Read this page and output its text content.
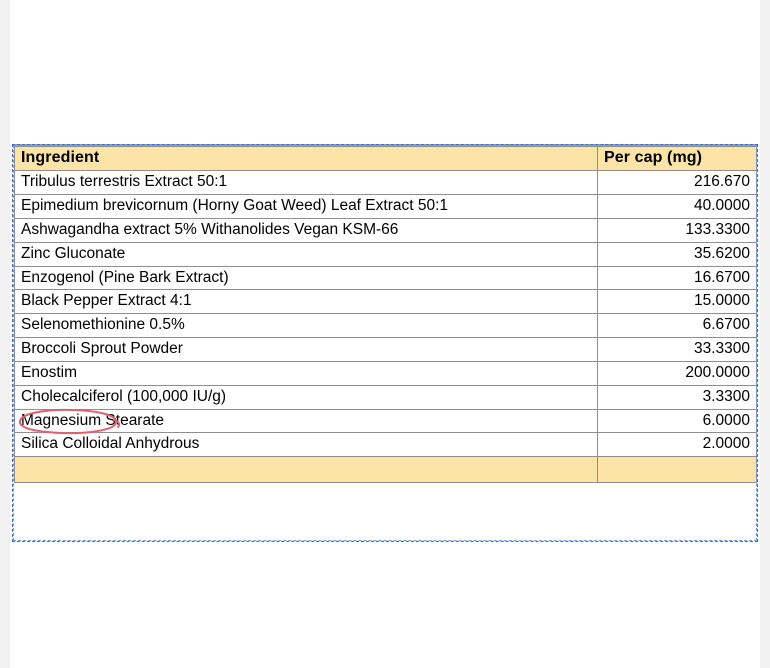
Ingredient	Per cap (mg)
Tribulus terrestris Extract 50:1	216.670
Epimedium brevicornum (Horny Goat Weed) Leaf Extract 50:1	40.0000
Ashwagandha extract 5% Withanolides Vegan KSM-66	133.3300
Zinc Gluconate	35.6200
Enzogenol (Pine Bark Extract)	16.6700
Black Pepper Extract 4:1	15.0000
Selenomethionine 0.5%	6.6700
Broccoli Sprout Powder	33.3300
Enostim	200.0000
Cholecalciferol (100,000 IU/g)	3.3300
Magnesium Stearate	6.0000
Silica Colloidal Anhydrous	2.0000
